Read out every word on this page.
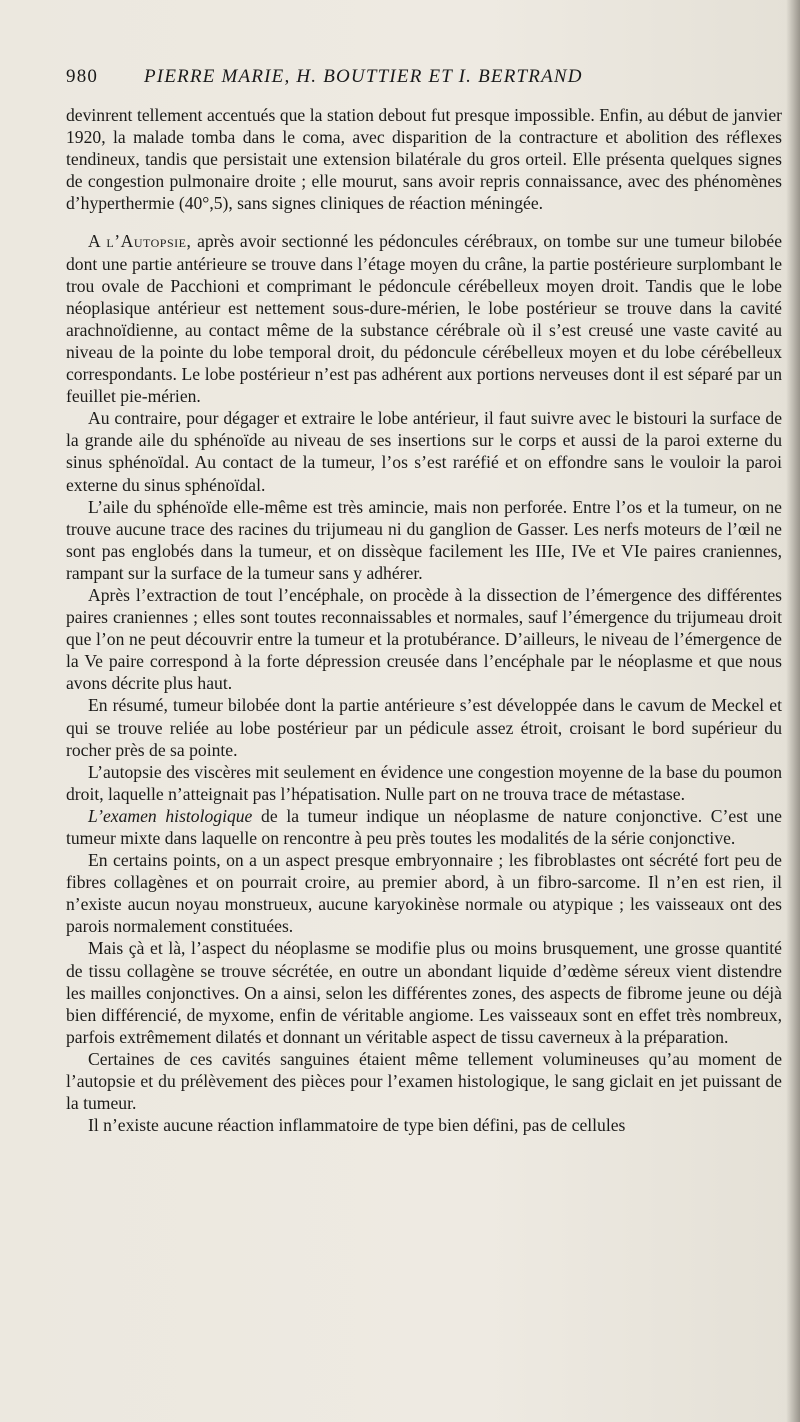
980 PIERRE MARIE, H. BOUTTIER ET I. BERTRAND

devinrent tellement accentués que la station debout fut presque impossible. Enfin, au début de janvier 1920, la malade tomba dans le coma, avec disparition de la contracture et abolition des réflexes tendineux, tandis que persistait une extension bilatérale du gros orteil. Elle présenta quelques signes de congestion pulmonaire droite ; elle mourut, sans avoir repris connaissance, avec des phénomènes d’hyperthermie (40°,5), sans signes cliniques de réaction méningée.

A l’Autopsie, après avoir sectionné les pédoncules cérébraux, on tombe sur une tumeur bilobée dont une partie antérieure se trouve dans l’étage moyen du crâne, la partie postérieure surplombant le trou ovale de Pacchioni et comprimant le pédoncule cérébelleux moyen droit. Tandis que le lobe néoplasique antérieur est nettement sous-dure-mérien, le lobe postérieur se trouve dans la cavité arachnoïdienne, au contact même de la substance cérébrale où il s’est creusé une vaste cavité au niveau de la pointe du lobe temporal droit, du pédoncule cérébelleux moyen et du lobe cérébelleux correspondants. Le lobe postérieur n’est pas adhérent aux portions nerveuses dont il est séparé par un feuillet pie-mérien.

Au contraire, pour dégager et extraire le lobe antérieur, il faut suivre avec le bistouri la surface de la grande aile du sphénoïde au niveau de ses insertions sur le corps et aussi de la paroi externe du sinus sphénoïdal. Au contact de la tumeur, l’os s’est raréfié et on effondre sans le vouloir la paroi externe du sinus sphénoïdal.

L’aile du sphénoïde elle-même est très amincie, mais non perforée. Entre l’os et la tumeur, on ne trouve aucune trace des racines du trijumeau ni du ganglion de Gasser. Les nerfs moteurs de l’œil ne sont pas englobés dans la tumeur, et on dissèque facilement les IIIe, IVe et VIe paires craniennes, rampant sur la surface de la tumeur sans y adhérer.

Après l’extraction de tout l’encéphale, on procède à la dissection de l’émergence des différentes paires craniennes ; elles sont toutes reconnaissables et normales, sauf l’émergence du trijumeau droit que l’on ne peut découvrir entre la tumeur et la protubérance. D’ailleurs, le niveau de l’émergence de la Ve paire correspond à la forte dépression creusée dans l’encéphale par le néoplasme et que nous avons décrite plus haut.

En résumé, tumeur bilobée dont la partie antérieure s’est développée dans le cavum de Meckel et qui se trouve reliée au lobe postérieur par un pédicule assez étroit, croisant le bord supérieur du rocher près de sa pointe.

L’autopsie des viscères mit seulement en évidence une congestion moyenne de la base du poumon droit, laquelle n’atteignait pas l’hépatisation. Nulle part on ne trouva trace de métastase.

L’examen histologique de la tumeur indique un néoplasme de nature conjonctive. C’est une tumeur mixte dans laquelle on rencontre à peu près toutes les modalités de la série conjonctive.

En certains points, on a un aspect presque embryonnaire ; les fibroblastes ont sécrété fort peu de fibres collagènes et on pourrait croire, au premier abord, à un fibro-sarcome. Il n’en est rien, il n’existe aucun noyau monstrueux, aucune karyokinèse normale ou atypique ; les vaisseaux ont des parois normalement constituées.

Mais çà et là, l’aspect du néoplasme se modifie plus ou moins brusquement, une grosse quantité de tissu collagène se trouve sécrétée, en outre un abondant liquide d’œdème séreux vient distendre les mailles conjonctives. On a ainsi, selon les différentes zones, des aspects de fibrome jeune ou déjà bien différencié, de myxome, enfin de véritable angiome. Les vaisseaux sont en effet très nombreux, parfois extrêmement dilatés et donnant un véritable aspect de tissu caverneux à la préparation.

Certaines de ces cavités sanguines étaient même tellement volumineuses qu’au moment de l’autopsie et du prélèvement des pièces pour l’examen histologique, le sang giclait en jet puissant de la tumeur.

Il n’existe aucune réaction inflammatoire de type bien défini, pas de cellules
